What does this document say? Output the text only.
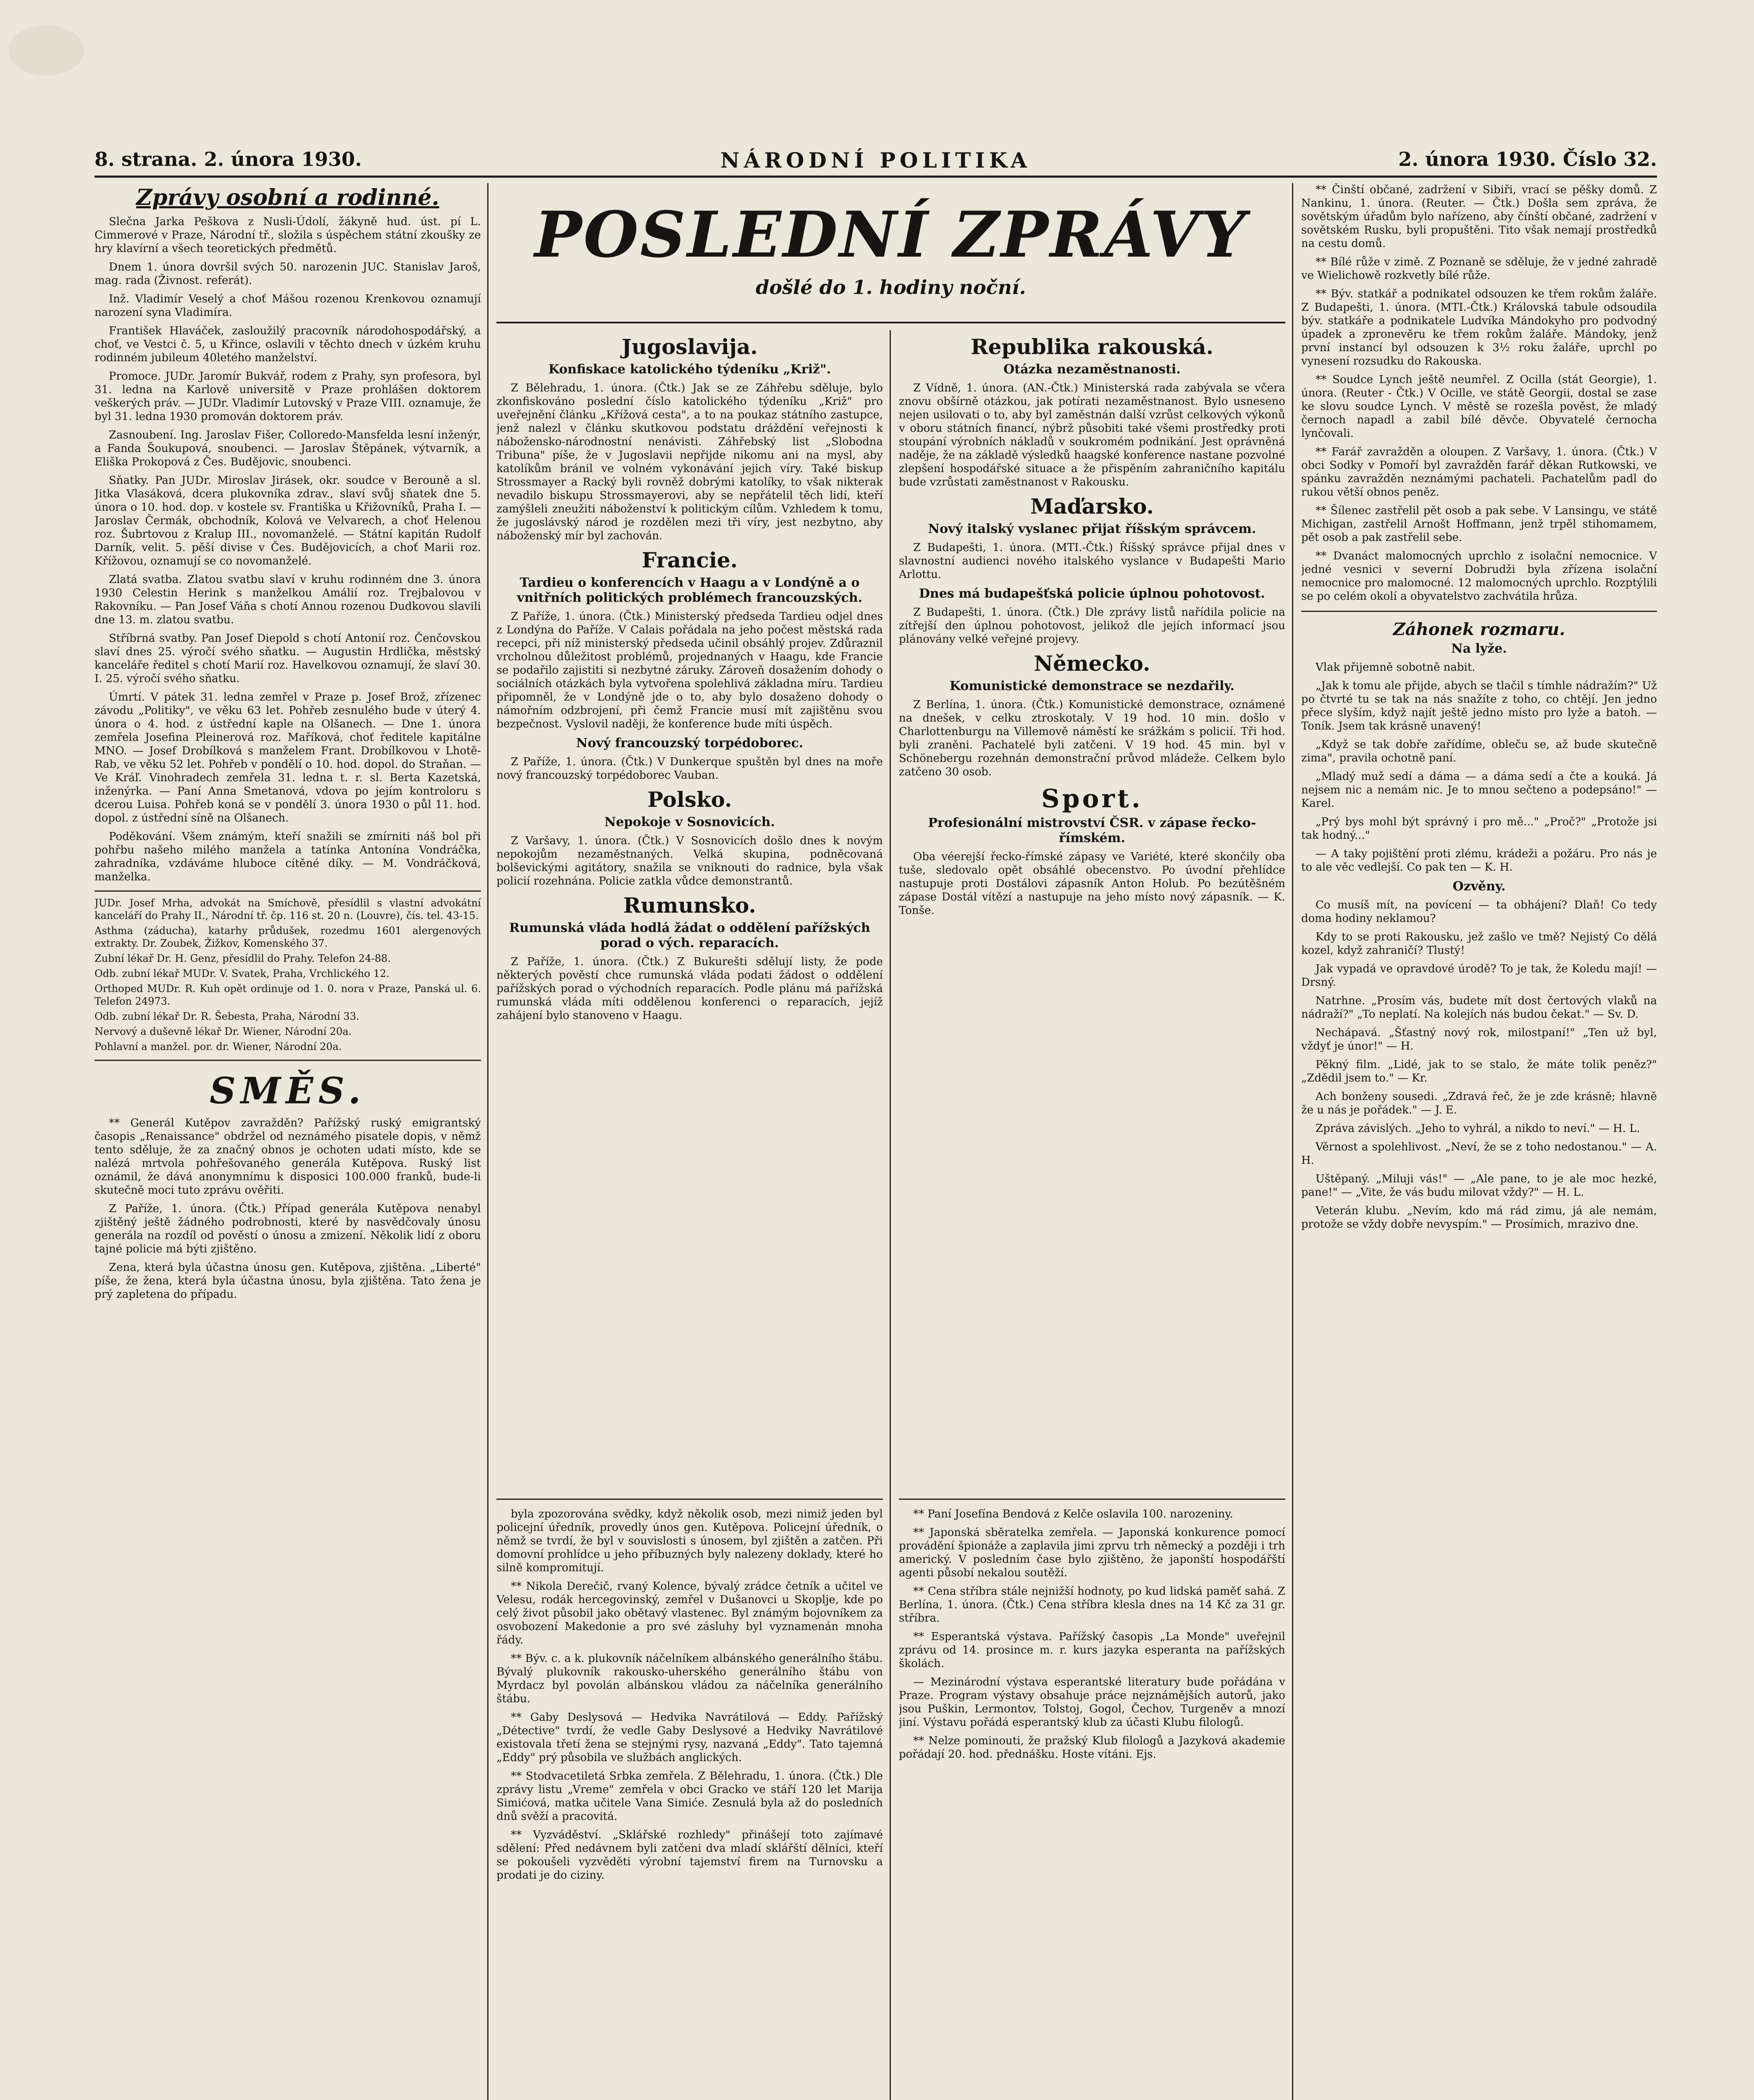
8. strana. 2. února 1930.	NÁRODNÍ POLITIKA	2. února 1930. Číslo 32.
Zprávy osobní a rodinné.
Slečna Jarka Peškova z Nusli-Údolí, žákyně hud. úst. pí L. Cimmerové v Praze, Národní tř., složila s úspěchem státní zkoušky ze hry klavírní a všech teoretických předmětů.
Dnem 1. února dovršil svých 50. narozenin JUC. Stanislav Jaroš, mag. rada (Živnost. referát).
Inž. Vladimír Veselý a choť Mášou rozenou Krenkovou oznamují narození syna Vladimíra.
František Hlaváček, zasloužilý pracovník národohospodářský, a choť, ve Vestci č. 5, u Křince, oslavili v těchto dnech v úzkém kruhu rodinném jubileum 40letého manželství.
Promoce. JUDr. Jaromír Bukvář, rodem z Prahy, syn profesora, byl 31. ledna na Karlově universitě v Praze prohlášen doktorem veškerých práv. — JUDr. Vladimír Lutovský v Praze VIII. oznamuje, že byl 31. ledna 1930 promován doktorem práv.
Zasnoubení. Ing. Jaroslav Fišer, Colloredo-Mansfelda lesní inženýr, a Fanda Šoukupová, snoubenci. — Jaroslav Štěpánek, výtvarník, a Eliška Prokopová z Čes. Budějovic, snoubenci.
Sňatky. Pan JUDr. Miroslav Jirásek, okr. soudce v Berouně a sl. Jitka Vlasáková, dcera plukovníka zdrav., slaví svůj sňatek dne 5. února o 10. hod. dop. v kostele sv. Františka u Křižovníků, Praha I. — Jaroslav Čermák, obchodník, Kolová ve Velvarech, a choť Helenou roz. Šubrtovou z Kralup III., novomanželé. — Státní kapitán Rudolf Darník, velit. 5. pěší divise v Čes. Budějovicích, a choť Marii roz. Křížovou, oznamují se co novomanželé.
Zlatá svatba. Zlatou svatbu slaví v kruhu rodinném dne 3. února 1930 Celestin Herink s manželkou Amálií roz. Trejbalovou v Rakovníku. — Pan Josef Váňa s chotí Annou rozenou Dudkovou slavili dne 13. m. zlatou svatbu.
Stříbrná svatby. Pan Josef Diepold s chotí Antonií roz. Čenčovskou slaví dnes 25. výročí svého sňatku. — Augustin Hrdlička, městský kanceláře ředitel s chotí Marií roz. Havelkovou oznamují, že slaví 30. I. 25. výročí svého sňatku.
Úmrtí. V pátek 31. ledna zemřel v Praze p. Josef Brož, zřízenec závodu „Politiky", ve věku 63 let. Pohřeb zesnulého bude v úterý 4. února o 4. hod. z ústřední kaple na Olšanech. — Dne 1. února zemřela Josefina Pleinerová roz. Maříková, choť ředitele kapitálne MNO. — Josef Drobílková s manželem Frant. Drobílkovou v Lhotě-Rab, ve věku 52 let. Pohřeb v pondělí o 10. hod. dopol. do Straňan. — Ve Kráľ. Vinohradech zemřela 31. ledna t. r. sl. Berta Kazetská, inženýrka. — Paní Anna Smetanová, vdova po jejím kontroloru s dcerou Luisa. Pohřeb koná se v pondělí 3. února 1930 o půl 11. hod. dopol. z ústřední síně na Olšanech.
Poděkování. Všem známým, kteří snažili se zmírniti náš bol při pohřbu našeho milého manžela a tatínka Antonína Vondráčka, zahradníka, vzdáváme hluboce cítěné díky. — M. Vondráčková, manželka.
JUDr. Josef Mrha, advokát na Smíchově, přesídlil s vlastní advokátní kanceláří do Prahy II., Národní tř. čp. 116 st. 20 n. (Louvre), čís. tel. 43-15.
Asthma (záducha), katarhy průdušek, rozedmu 1601 alergenových extrakty. Dr. Zoubek, Žižkov, Komenského 37.
Zubní lékař Dr. H. Genz, přesídlil do Prahy. Telefon 24-88.
Odb. zubní lékař MUDr. V. Svatek, Praha, Vrchlického 12.
Orthoped MUDr. R. Kuh opět ordinuje od 1. 0. nora v Praze, Panská ul. 6. Telefon 24973.
Odb. zubní lékař Dr. R. Šebesta, Praha, Národní 33.
Nervový a duševně lékař Dr. Wiener, Národní 20a.
Pohlavní a manžel. por. dr. Wiener, Národní 20a.
SMĚS.
** Generál Kutěpov zavražděn? Pařížský ruský emigrantský časopis „Renaissance" obdržel od neznámého pisatele dopis, v němž tento sděluje, že za značný obnos je ochoten udati místo, kde se nalézá mrtvola pohřešovaného generála Kutěpova. Ruský list oznámil, že dává anonymnímu k disposici 100.000 franků, bude-li skutečně moci tuto zprávu ověřiti.
Z Paříže, 1. února. (Čtk.) Případ generála Kutěpova nenabyl zjištěný ještě žádného podrobnosti, které by nasvědčovaly únosu generála na rozdíl od pověstí o únosu a zmizení. Několik lidí z oboru tajné policie má býti zjištěno.
Zena, která byla účastna únosu gen. Kutěpova, zjištěna. „Liberté" píše, že žena, která byla účastna únosu, byla zjištěna. Tato žena je prý zapletena do případu.
POSLEDNÍ ZPRÁVY
došlé do 1. hodiny noční.
Jugoslavija.
Konfiskace katolického týdeníku „Križ".
Z Bělehradu, 1. února. (Čtk.) Jak se ze Záhřebu sděluje, bylo zkonfiskováno poslední číslo katolického týdeníku „Križ" pro uveřejnění článku „Křížová cesta", a to na poukaz státního zastupce, jenž nalezl v článku skutkovou podstatu dráždění veřejnosti k nábožensko-národnostní nenávisti. Záhřebský list „Slobodna Tribuna" píše, že v Jugoslavii nepřijde nikomu ani na mysl, aby katolíkům bránil ve volném vykonávání jejich víry. Také biskup Strossmayer a Racký byli rovněž dobrými katolíky, to však nikterak nevadilo biskupu Strossmayerovi, aby se nepřátelil těch lidí, kteří zamýšleli zneužiti náboženství k politickým cílům. Vzhledem k tomu, že jugoslávský národ je rozdělen mezi tři víry, jest nezbytno, aby náboženský mír byl zachován.
Francie.
Tardieu o konferencích v Haagu a v Londýně a o vnitřních politických problémech francouzských.
Z Paříže, 1. února. (Čtk.) Ministerský předseda Tardieu odjel dnes z Londýna do Paříže. V Calais pořádala na jeho počest městská rada recepci, při níž ministerský předseda učinil obsáhlý projev. Zdůraznil vrcholnou důležitost problémů, projednaných v Haagu, kde Francie se podařilo zajistiti si nezbytné záruky. Zároveň dosažením dohody o sociálních otázkách byla vytvořena spolehlivá základna míru. Tardieu připomněl, že v Londýně jde o to, aby bylo dosaženo dohody o námořním odzbrojení, při čemž Francie musí mít zajištěnu svou bezpečnost. Vyslovil naději, že konference bude míti úspěch.
Nový francouzský torpédoborec.
Z Paříže, 1. února. (Čtk.) V Dunkerque spuštěn byl dnes na moře nový francouzský torpédoborec Vauban.
Polsko.
Nepokoje v Sosnovicích.
Z Varšavy, 1. února. (Čtk.) V Sosnovicích došlo dnes k novým nepokojům nezaměstnaných. Velká skupina, podněcovaná bolševickými agitátory, snažila se vniknouti do radnice, byla však policií rozehnána. Policie zatkla vůdce demonstrantů.
Rumunsko.
Rumunská vláda hodlá žádat o oddělení pařížských porad o vých. reparacích.
Z Paříže, 1. února. (Čtk.) Z Bukurešti sdělují listy, že pode některých pověstí chce rumunská vláda podati žádost o oddělení pařížských porad o východních reparacích. Podle plánu má pařížská rumunská vláda míti oddělenou konferenci o reparacích, jejíž zahájení bylo stanoveno v Haagu.
Republika rakouská.
Otázka nezaměstnanosti.
Z Vídně, 1. února. (AN.-Čtk.) Ministerská rada zabývala se včera znovu obšírně otázkou, jak potírati nezaměstnanost. Bylo usneseno nejen usilovati o to, aby byl zaměstnán další vzrůst celkových výkonů v oboru státních financí, nýbrž působiti také všemi prostředky proti stoupání výrobních nákladů v soukromém podnikání. Jest oprávněná naděje, že na základě výsledků haagské konference nastane pozvolné zlepšení hospodářské situace a že přispěním zahraničního kapitálu bude vzrůstati zaměstnanost v Rakousku.
Maďarsko.
Nový italský vyslanec přijat říšským správcem.
Z Budapešti, 1. února. (MTI.-Čtk.) Říšský správce přijal dnes v slavnostní audienci nového italského vyslance v Budapešti Mario Arlottu.
Dnes má budapešťská policie úplnou pohotovost.
Z Budapešti, 1. února. (Čtk.) Dle zprávy listů nařídila policie na zítřejší den úplnou pohotovost, jelikož dle jejích informací jsou plánovány velké veřejné projevy.
Německo.
Komunistické demonstrace se nezdařily.
Z Berlína, 1. února. (Čtk.) Komunistické demonstrace, oznámené na dnešek, v celku ztroskotaly. V 19 hod. 10 min. došlo v Charlottenburgu na Villemově náměstí ke srážkám s policií. Tři hod. byli zraněni. Pachatelé byli zatčeni. V 19 hod. 45 min. byl v Schönebergu rozehnán demonstrační průvod mládeže. Celkem bylo zatčeno 30 osob.
Sport.
Profesionální mistrovství ČSR. v zápase řecko-římském.
Oba véerejší řecko-římské zápasy ve Variété, které skončily oba tuše, sledovalo opět obsáhlé obecenstvo. Po úvodní přehlídce nastupuje proti Dostálovi zápasník Anton Holub. Po bezútěšném zápase Dostál vítězí a nastupuje na jeho místo nový zápasník. — K. Tonše.
byla zpozorována svědky, když několik osob, mezi nimiž jeden byl policejní úředník, provedly únos gen. Kutěpova. Policejní úředník, o němž se tvrdí, že byl v souvislosti s únosem, byl zjištěn a zatčen. Při domovní prohlídce u jeho příbuzných byly nalezeny doklady, které ho silně kompromitují.
** Nikola Derečič, rvaný Kolence, bývalý zrádce četník a učitel ve Velesu, rodák hercegovinský, zemřel v Dušanovci u Skoplje, kde po celý život působil jako obětavý vlastenec. Byl známým bojovníkem za osvobození Makedonie a pro své zásluhy byl vyznamenán mnoha řády.
** Býv. c. a k. plukovník náčelníkem albánského generálního štábu. Bývalý plukovník rakousko-uherského generálního štábu von Myrdacz byl povolán albánskou vládou za náčelníka generálního štábu.
** Gaby Deslysová — Hedvika Navrátilová — Eddy. Pařížský „Détective" tvrdí, že vedle Gaby Deslysové a Hedviky Navrátilové existovala třetí žena se stejnými rysy, nazvaná „Eddy". Tato tajemná „Eddy" prý působila ve službách anglických.
** Stodvacetiletá Srbka zemřela. Z Bělehradu, 1. února. (Čtk.) Dle zprávy listu „Vreme" zemřela v obci Gracko ve stáří 120 let Marija Simićová, matka učitele Vana Simiće. Zesnulá byla až do posledních dnů svěží a pracovitá.
** Vyzváděství. „Sklářské rozhledy" přinášejí toto zajímavé sdělení: Před nedávnem byli zatčeni dva mladí sklářští dělníci, kteří se pokoušeli vyzvěděti výrobní tajemství firem na Turnovsku a prodati je do ciziny.
** Paní Josefína Bendová z Kelče oslavila 100. narozeniny.
** Japonská sběratelka zemřela. — Japonská konkurence pomocí provádění špionáže a zaplavila jimi zprvu trh německý a později i trh americký. V posledním čase bylo zjištěno, že japonští hospodářští agenti působí nekalou soutěží.
** Cena stříbra stále nejnižší hodnoty, po kud lidská paměť sahá. Z Berlína, 1. února. (Čtk.) Cena stříbra klesla dnes na 14 Kč za 31 gr. stříbra.
** Esperantská výstava. Pařížský časopis „La Monde" uveřejnil zprávu od 14. prosince m. r. kurs jazyka esperanta na pařížských školách.
— Mezinárodní výstava esperantské literatury bude pořádána v Praze. Program výstavy obsahuje práce nejznámějších autorů, jako jsou Puškin, Lermontov, Tolstoj, Gogol, Čechov, Turgeněv a mnozí jiní. Výstavu pořádá esperantský klub za účasti Klubu filologů.
** Nelze pominouti, že pražský Klub filologů a Jazyková akademie pořádají 20. hod. přednášku. Hoste vítáni. Ejs.
** Činští občané, zadržení v Sibiři, vrací se pěšky domů. Z Nankinu, 1. února. (Reuter. — Čtk.) Došla sem zpráva, že sovětským úřadům bylo nařízeno, aby čínští občané, zadržení v sovětském Rusku, byli propuštěni. Tito však nemají prostředků na cestu domů.
** Bílé růže v zimě. Z Poznaně se sděluje, že v jedné zahradě ve Wielichowě rozkvetly bílé růže.
** Býv. statkář a podnikatel odsouzen ke třem rokům žaláře. Z Budapešti, 1. února. (MTI.-Čtk.) Královská tabule odsoudila býv. statkáře a podnikatele Ludvíka Mándokyho pro podvodný úpadek a zpronevěru ke třem rokům žaláře. Mándoky, jenž první instancí byl odsouzen k 3½ roku žaláře, uprchl po vynesení rozsudku do Rakouska.
** Soudce Lynch ještě neumřel. Z Ocilla (stát Georgie), 1. února. (Reuter - Čtk.) V Ocille, ve státě Georgii, dostal se zase ke slovu soudce Lynch. V městě se rozešla pověst, že mladý černoch napadl a zabil bílé děvče. Obyvatelé černocha lynčovali.
** Farář zavražděn a oloupen. Z Varšavy, 1. února. (Čtk.) V obci Sodky v Pomoří byl zavražděn farář děkan Rutkowski, ve spánku zavražděn neznámými pachateli. Pachatelům padl do rukou větší obnos peněz.
** Šílenec zastřelil pět osob a pak sebe. V Lansingu, ve státě Michigan, zastřelil Arnošt Hoffmann, jenž trpěl stihomamem, pět osob a pak zastřelil sebe.
** Dvanáct malomocných uprchlo z isolační nemocnice. V jedné vesnici v severní Dobrudži byla zřízena isolační nemocnice pro malomocné. 12 malomocných uprchlo. Rozptýlili se po celém okolí a obyvatelstvo zachvátila hrůza.
Záhonek rozmaru.
Na lyže.
Vlak přijemně sobotně nabit.
„Jak k tomu ale přijde, abych se tlačil s tímhle nádražím?" Už po čtvrté tu se tak na nás snažíte z toho, co chtějí. Jen jedno přece slyším, když najít ještě jedno místo pro lyže a batoh. — Toník. Jsem tak krásně unavený!
„Když se tak dobře zařídíme, obleču se, až bude skutečně zima", pravila ochotně paní.
„Mladý muž sedí a dáma — a dáma sedí a čte a kouká. Já nejsem nic a nemám nic. Je to mnou sečteno a podepsáno!" — Karel.
„Prý bys mohl být správný i pro mě..." „Proč?" „Protože jsi tak hodný..."
— A taky pojištění proti zlému, krádeži a požáru. Pro nás je to ale věc vedlejší. Co pak ten — K. H.
Ozvěny.
Co musíš mít, na povícení — ta obhájení? Dlaň! Co tedy doma hodiny neklamou?
Kdy to se proti Rakousku, jež zašlo ve tmě? Nejistý Co dělá kozel, když zahraničí? Tlustý!
Jak vypadá ve opravdové úrodě? To je tak, že Koledu mají! — Drsný.
Natrhne. „Prosím vás, budete mít dost čertových vlaků na nádraží?" „To neplatí. Na kolejích nás budou čekat." — Sv. D.
Nechápavá. „Šťastný nový rok, milostpaní!" „Ten už byl, vždyť je únor!" — H.
Pěkný film. „Lidé, jak to se stalo, že máte tolik peněz?" „Zdědil jsem to." — Kr.
Ach bonženy sousedi. „Zdravá řeč, že je zde krásně; hlavně že u nás je pořádek." — J. E.
Zpráva závislých. „Jeho to vyhrál, a nikdo to neví." — H. L.
Věrnost a spolehlivost. „Neví, že se z toho nedostanou." — A. H.
Uštěpaný. „Miluji vás!" — „Ale pane, to je ale moc hezké, pane!" — „Vite, že vás budu milovat vždy?" — H. L.
Veterán klubu. „Nevím, kdo má rád zimu, já ale nemám, protože se vždy dobře nevyspím." — Prosímich, mrazivo dne.
